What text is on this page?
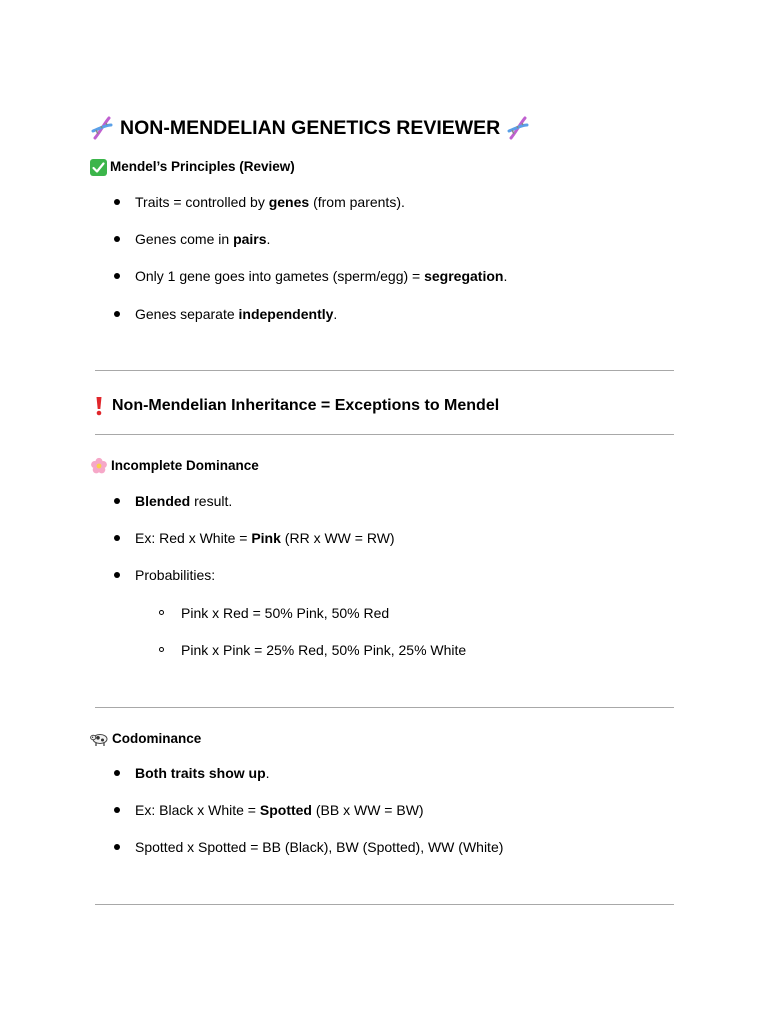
NON-MENDELIAN GENETICS REVIEWER
Mendel’s Principles (Review)
Traits = controlled by genes (from parents).
Genes come in pairs.
Only 1 gene goes into gametes (sperm/egg) = segregation.
Genes separate independently.
Non-Mendelian Inheritance = Exceptions to Mendel
Incomplete Dominance
Blended result.
Ex: Red x White = Pink (RR x WW = RW)
Probabilities:
Pink x Red = 50% Pink, 50% Red
Pink x Pink = 25% Red, 50% Pink, 25% White
Codominance
Both traits show up.
Ex: Black x White = Spotted (BB x WW = BW)
Spotted x Spotted = BB (Black), BW (Spotted), WW (White)
